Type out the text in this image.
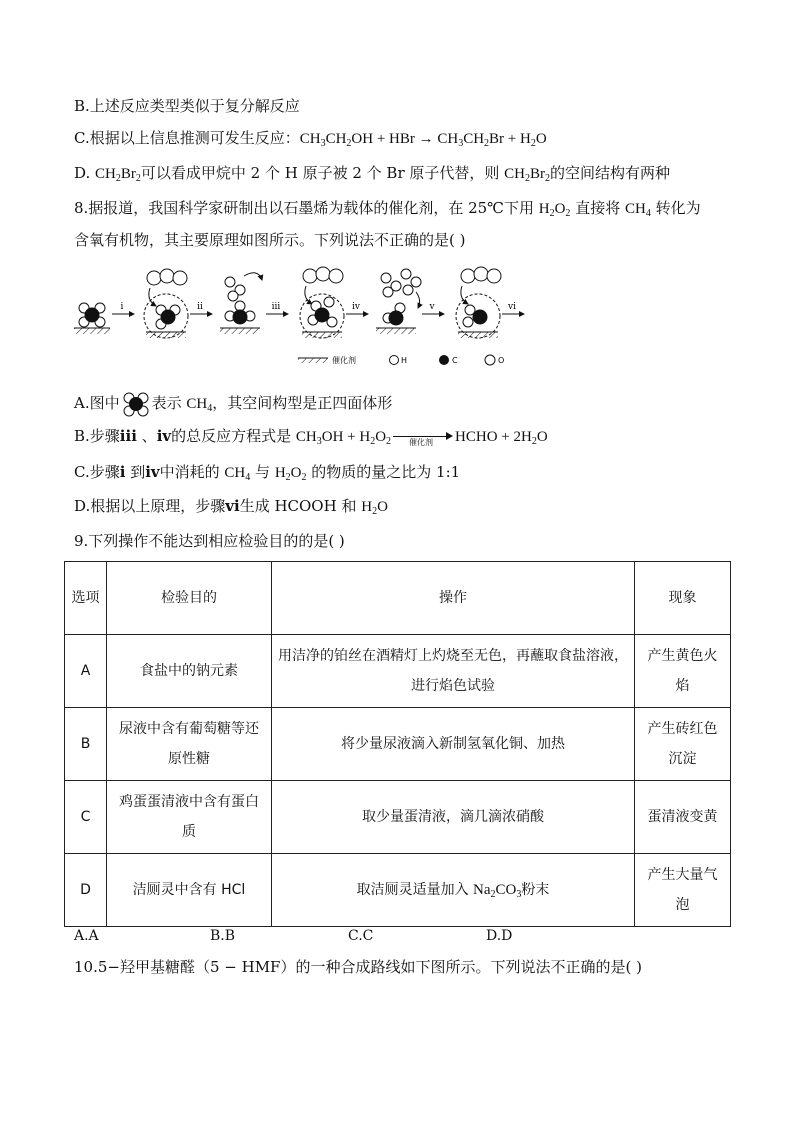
B.上述反应类型类似于复分解反应
C.根据以上信息推测可发生反应：$CH_3CH_2OH$ + HBr → $CH_3CH_2Br + H_2O$
D. $CH_2Br_2$可以看成甲烷中 2 个 H 原子被 2 个 Br 原子代替，则 $CH_2Br_2$的空间结构有两种
8.据报道，我国科学家研制出以石墨烯为载体的催化剂，在 25℃下用 $H_2O_2$ 直接将 $CH_4$ 转化为
含氧有机物，其主要原理如图所示。下列说法不正确的是( )
i	ii	iii	iv	v	vi
催化剂	H	C	O
A.图中 表示 $CH_4$，其空间构型是正四面体形
B.步骤iii 、iv的总反应方程式是 $CH_3OH + H_2O_2$	催化剂	HCHO + $2H_2O$
C.步骤i 到iv中消耗的 $CH_4$ 与 $H_2O_2$ 的物质的量之比为 1:1
D.根据以上原理，步骤vi生成 HCOOH 和 $H_2O$
9.下列操作不能达到相应检验目的的是( )
选项	检验目的	操作	现象
A	食盐中的钠元素	用洁净的铂丝在酒精灯上灼烧至无色，再蘸取食盐溶液，进行焰色试验	产生黄色火焰
B	尿液中含有葡萄糖等还原性糖	将少量尿液滴入新制氢氧化铜、加热	产生砖红色沉淀
C	鸡蛋蛋清液中含有蛋白质	取少量蛋清液，滴几滴浓硝酸	蛋清液变黄
D	洁厕灵中含有 HCl	取洁厕灵适量加入 $Na_2CO_3$粉末	产生大量气泡
A.A	B.B	C.C	D.D
10.5−羟甲基糖醛（5 − HMF）的一种合成路线如下图所示。下列说法不正确的是( )
